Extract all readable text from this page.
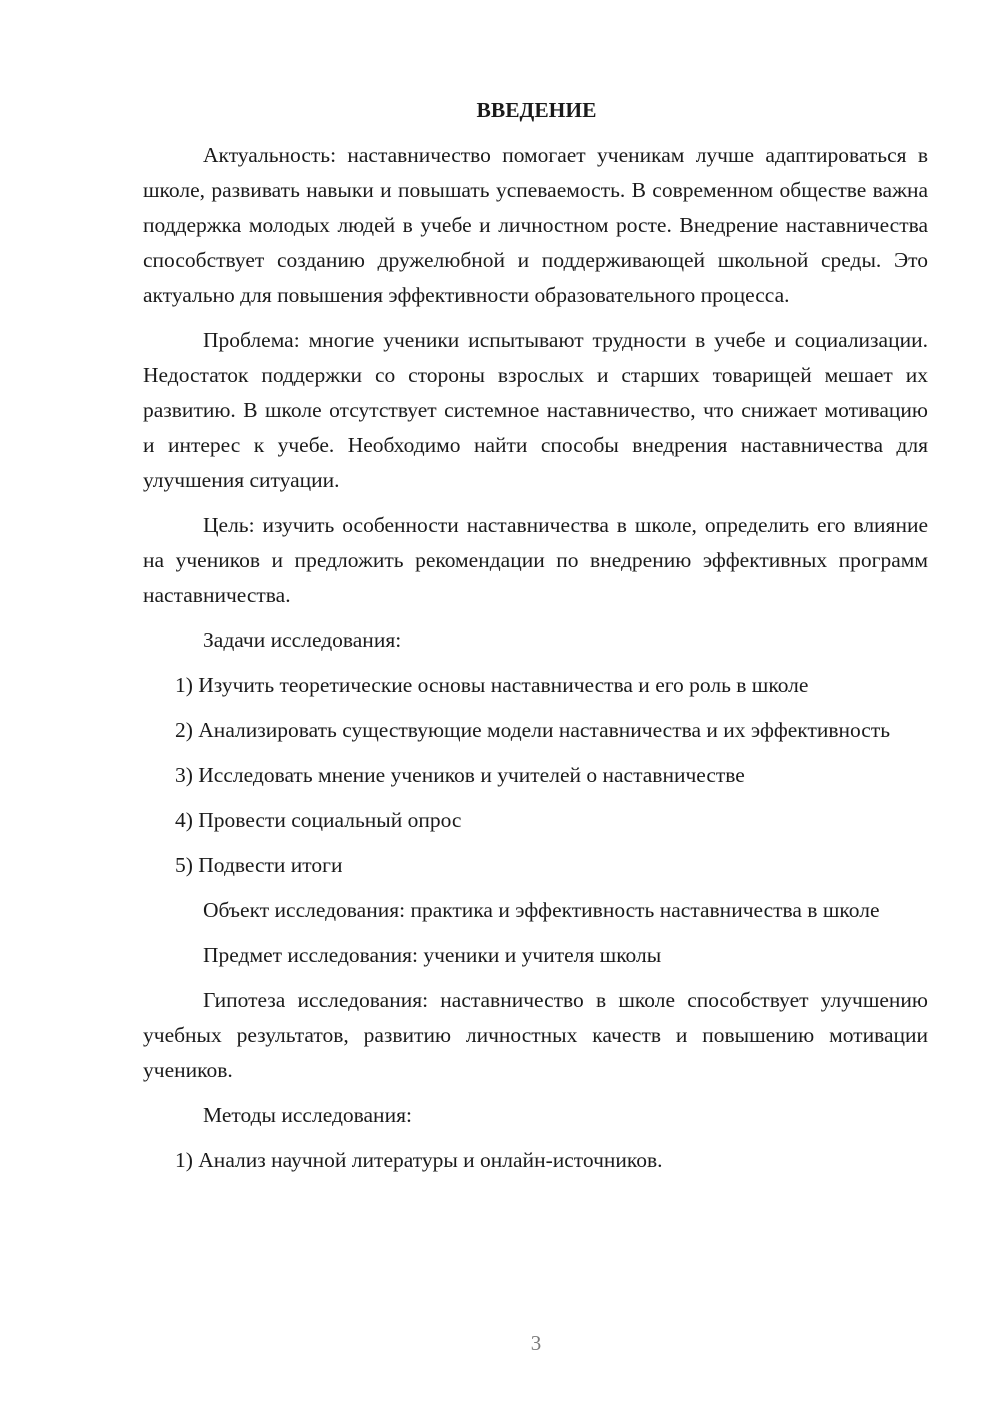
ВВЕДЕНИЕ
Актуальность: наставничество помогает ученикам лучше адаптироваться в школе, развивать навыки и повышать успеваемость. В современном обществе важна поддержка молодых людей в учебе и личностном росте. Внедрение наставничества способствует созданию дружелюбной и поддерживающей школьной среды. Это актуально для повышения эффективности образовательного процесса.
Проблема: многие ученики испытывают трудности в учебе и социализации. Недостаток поддержки со стороны взрослых и старших товарищей мешает их развитию. В школе отсутствует системное наставничество, что снижает мотивацию и интерес к учебе. Необходимо найти способы внедрения наставничества для улучшения ситуации.
Цель: изучить особенности наставничества в школе, определить его влияние на учеников и предложить рекомендации по внедрению эффективных программ наставничества.
Задачи исследования:
1) Изучить теоретические основы наставничества и его роль в школе
2) Анализировать существующие модели наставничества и их эффективность
3) Исследовать мнение учеников и учителей о наставничестве
4) Провести социальный опрос
5) Подвести итоги
Объект исследования: практика и эффективность наставничества в школе
Предмет исследования: ученики и учителя школы
Гипотеза исследования: наставничество в школе способствует улучшению учебных результатов, развитию личностных качеств и повышению мотивации учеников.
Методы исследования:
1) Анализ научной литературы и онлайн-источников.
3
